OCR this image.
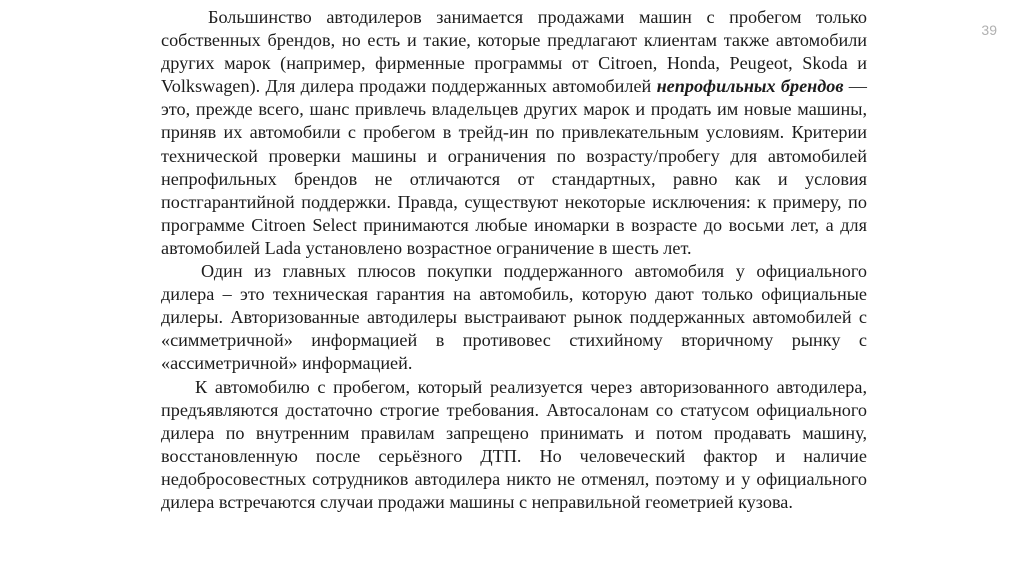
39

Большинство автодилеров занимается продажами машин с пробегом только собственных брендов, но есть и такие, которые предлагают клиентам также автомобили других марок (например, фирменные программы от Citroen, Honda, Peugeot, Skoda и Volkswagen). Для дилера продажи поддержанных автомобилей непрофильных брендов — это, прежде всего, шанс привлечь владельцев других марок и продать им новые машины, приняв их автомобили с пробегом в трейд-ин по привлекательным условиям. Критерии технической проверки машины и ограничения по возрасту/пробегу для автомобилей непрофильных брендов не отличаются от стандартных, равно как и условия постгарантийной поддержки. Правда, существуют некоторые исключения: к примеру, по программе Citroen Select принимаются любые иномарки в возрасте до восьми лет, а для автомобилей Lada установлено возрастное ограничение в шесть лет.

Один из главных плюсов покупки поддержанного автомобиля у официального дилера – это техническая гарантия на автомобиль, которую дают только официальные дилеры. Авторизованные автодилеры выстраивают рынок поддержанных автомобилей с «симметричной» информацией в противовес стихийному вторичному рынку с «ассиметричной» информацией.

К автомобилю с пробегом, который реализуется через авторизованного автодилера, предъявляются достаточно строгие требования. Автосалонам со статусом официального дилера по внутренним правилам запрещено принимать и потом продавать машину, восстановленную после серьёзного ДТП. Но человеческий фактор и наличие недобросовестных сотрудников автодилера никто не отменял, поэтому и у официального дилера встречаются случаи продажи машины с неправильной геометрией кузова.
